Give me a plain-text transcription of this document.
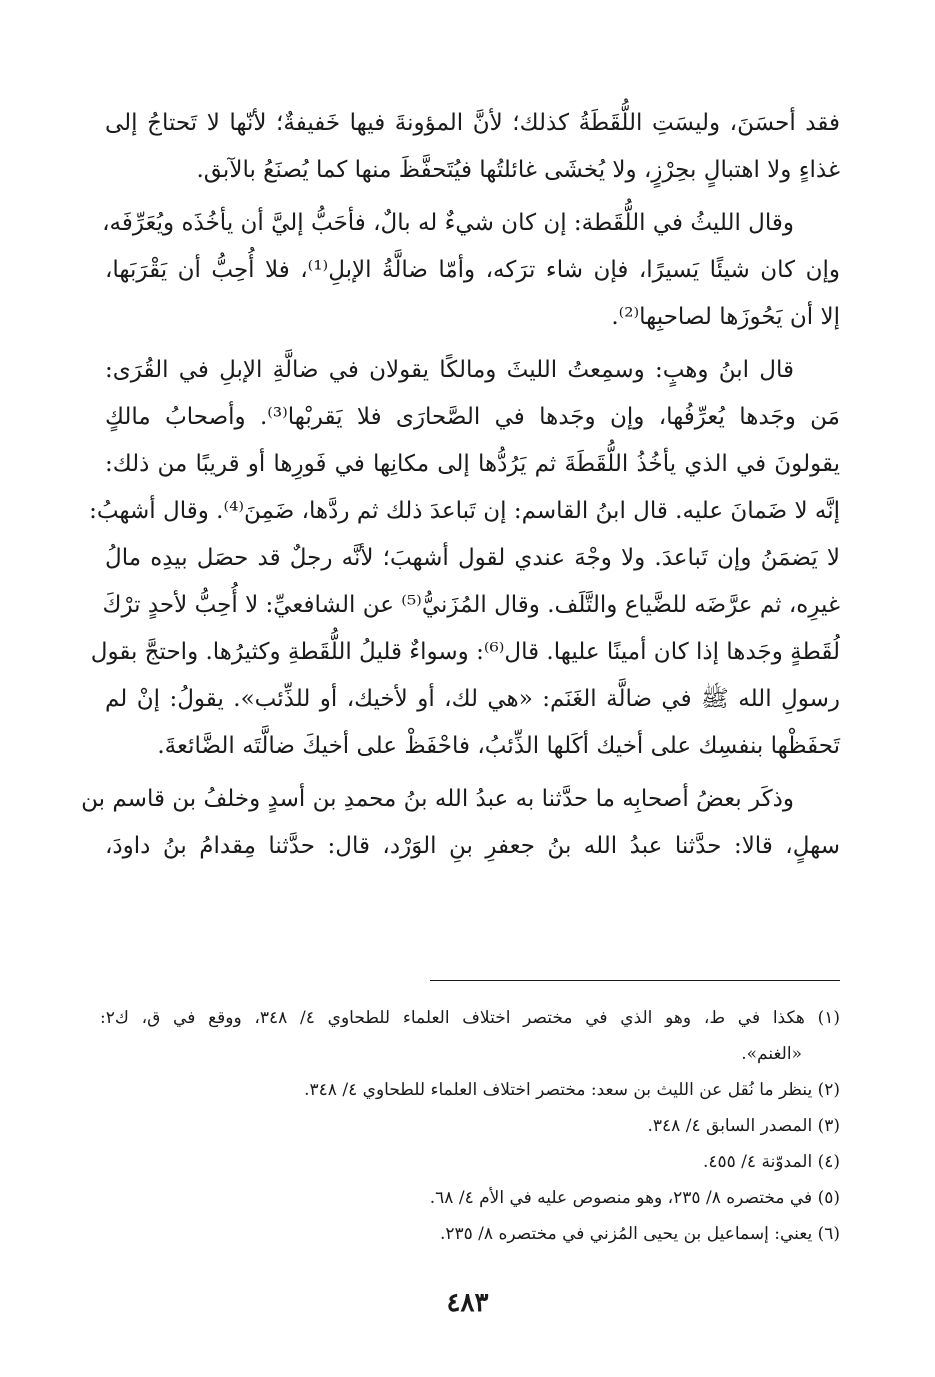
فقد أحسَنَ، وليسَتِ اللُّقَطَةُ كذلك؛ لأنَّ المؤونةَ فيها خَفيفةٌ؛ لأنّها لا تَحتاجُ إلى
غذاءٍ ولا اهتبالٍ بحِرْزٍ، ولا يُخشَى غائلتُها فيُتَحفَّظَ منها كما يُصنَعُ بالآبق.
وقال الليثُ في اللُّقَطة: إن كان شيءٌ له بالٌ، فأحَبُّ إليَّ أن يأخُذَه ويُعَرِّفَه،
وإن كان شيئًا يَسيرًا، فإن شاء ترَكه، وأمّا ضالَّةُ الإبلِ⁽¹⁾، فلا أُحِبُّ أن يَقْرَبَها،
إلا أن يَحُوزَها لصاحبِها⁽²⁾.
قال ابنُ وهبٍ: وسمِعتُ الليثَ ومالكًا يقولان في ضالَّةِ الإبلِ في القُرَى:
مَن وجَدها يُعرِّفُها، وإن وجَدها في الصَّحارَى فلا يَقربْها⁽³⁾. وأصحابُ مالكٍ
يقولونَ في الذي يأخُذُ اللُّقَطَةَ ثم يَرُدُّها إلى مكانِها في فَورِها أو قريبًا من ذلك:
إنَّه لا ضَمانَ عليه. قال ابنُ القاسم: إن تَباعدَ ذلك ثم ردَّها، ضَمِنَ⁽⁴⁾. وقال أشهبُ:
لا يَضمَنُ وإن تَباعدَ. ولا وجْهَ عندي لقول أشهبَ؛ لأنَّه رجلٌ قد حصَل بيدِه مالُ
غيرِه، ثم عرَّضَه للضَّياع والتَّلَف. وقال المُزَنيُّ⁽⁵⁾ عن الشافعيِّ: لا أُحِبُّ لأحدٍ ترْكَ
لُقَطةٍ وجَدها إذا كان أمينًا عليها. قال⁽⁶⁾: وسواءٌ قليلُ اللُّقَطةِ وكثيرُها. واحتجَّ بقول
رسولِ الله ﷺ في ضالَّة الغَنَم: «هي لك، أو لأخيك، أو للذِّئب». يقولُ: إنْ لم
تَحفَظْها بنفسِك على أخيك أكَلها الذِّئبُ، فاحْفَظْ على أخيكَ ضالَّتَه الضَّائعةَ.
وذكَر بعضُ أصحابِه ما حدَّثنا به عبدُ الله بنُ محمدِ بن أسدٍ وخلفُ بن قاسم بن
سهلٍ، قالا: حدَّثنا عبدُ الله بنُ جعفرِ بنِ الوَرْد، قال: حدَّثنا مِقدامُ بنُ داودَ،
(١) هكذا في ط، وهو الذي في مختصر اختلاف العلماء للطحاوي ٤/ ٣٤٨، ووقع في ق، ك٢:
«الغنم».
(٢) ينظر ما نُقل عن الليث بن سعد: مختصر اختلاف العلماء للطحاوي ٤/ ٣٤٨.
(٣) المصدر السابق ٤/ ٣٤٨.
(٤) المدوّنة ٤/ ٤٥٥.
(٥) في مختصره ٨/ ٢٣٥، وهو منصوص عليه في الأم ٤/ ٦٨.
(٦) يعني: إسماعيل بن يحيى المُزني في مختصره ٨/ ٢٣٥.
٤٨٣
